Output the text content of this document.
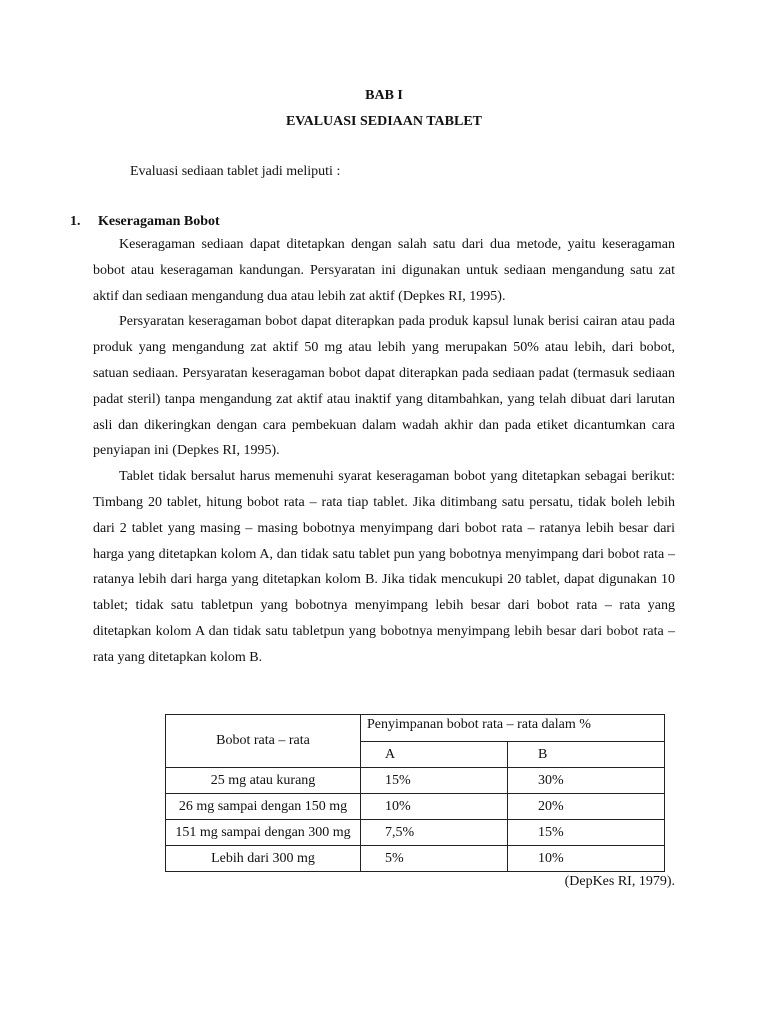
BAB I
EVALUASI SEDIAAN TABLET
Evaluasi sediaan tablet jadi meliputi :
1. Keseragaman Bobot

Keseragaman sediaan dapat ditetapkan dengan salah satu dari dua metode, yaitu keseragaman bobot atau keseragaman kandungan. Persyaratan ini digunakan untuk sediaan mengandung satu zat aktif dan sediaan mengandung dua atau lebih zat aktif (Depkes RI, 1995).

Persyaratan keseragaman bobot dapat diterapkan pada produk kapsul lunak berisi cairan atau pada produk yang mengandung zat aktif 50 mg atau lebih yang merupakan 50% atau lebih, dari bobot, satuan sediaan. Persyaratan keseragaman bobot dapat diterapkan pada sediaan padat (termasuk sediaan padat steril) tanpa mengandung zat aktif atau inaktif yang ditambahkan, yang telah dibuat dari larutan asli dan dikeringkan dengan cara pembekuan dalam wadah akhir dan pada etiket dicantumkan cara penyiapan ini (Depkes RI, 1995).

Tablet tidak bersalut harus memenuhi syarat keseragaman bobot yang ditetapkan sebagai berikut: Timbang 20 tablet, hitung bobot rata – rata tiap tablet. Jika ditimbang satu persatu, tidak boleh lebih dari 2 tablet yang masing – masing bobotnya menyimpang dari bobot rata – ratanya lebih besar dari harga yang ditetapkan kolom A, dan tidak satu tablet pun yang bobotnya menyimpang dari bobot rata – ratanya lebih dari harga yang ditetapkan kolom B. Jika tidak mencukupi 20 tablet, dapat digunakan 10 tablet; tidak satu tabletpun yang bobotnya menyimpang lebih besar dari bobot rata – rata yang ditetapkan kolom A dan tidak satu tabletpun yang bobotnya menyimpang lebih besar dari bobot rata – rata yang ditetapkan kolom B.

Bobot rata – rata	Penyimpanan bobot rata – rata dalam %	
	A	B
25 mg atau kurang	15%	30%
26 mg sampai dengan 150 mg	10%	20%
151 mg sampai dengan 300 mg	7,5%	15%
Lebih dari 300 mg	5%	10%
(DepKes RI, 1979).
